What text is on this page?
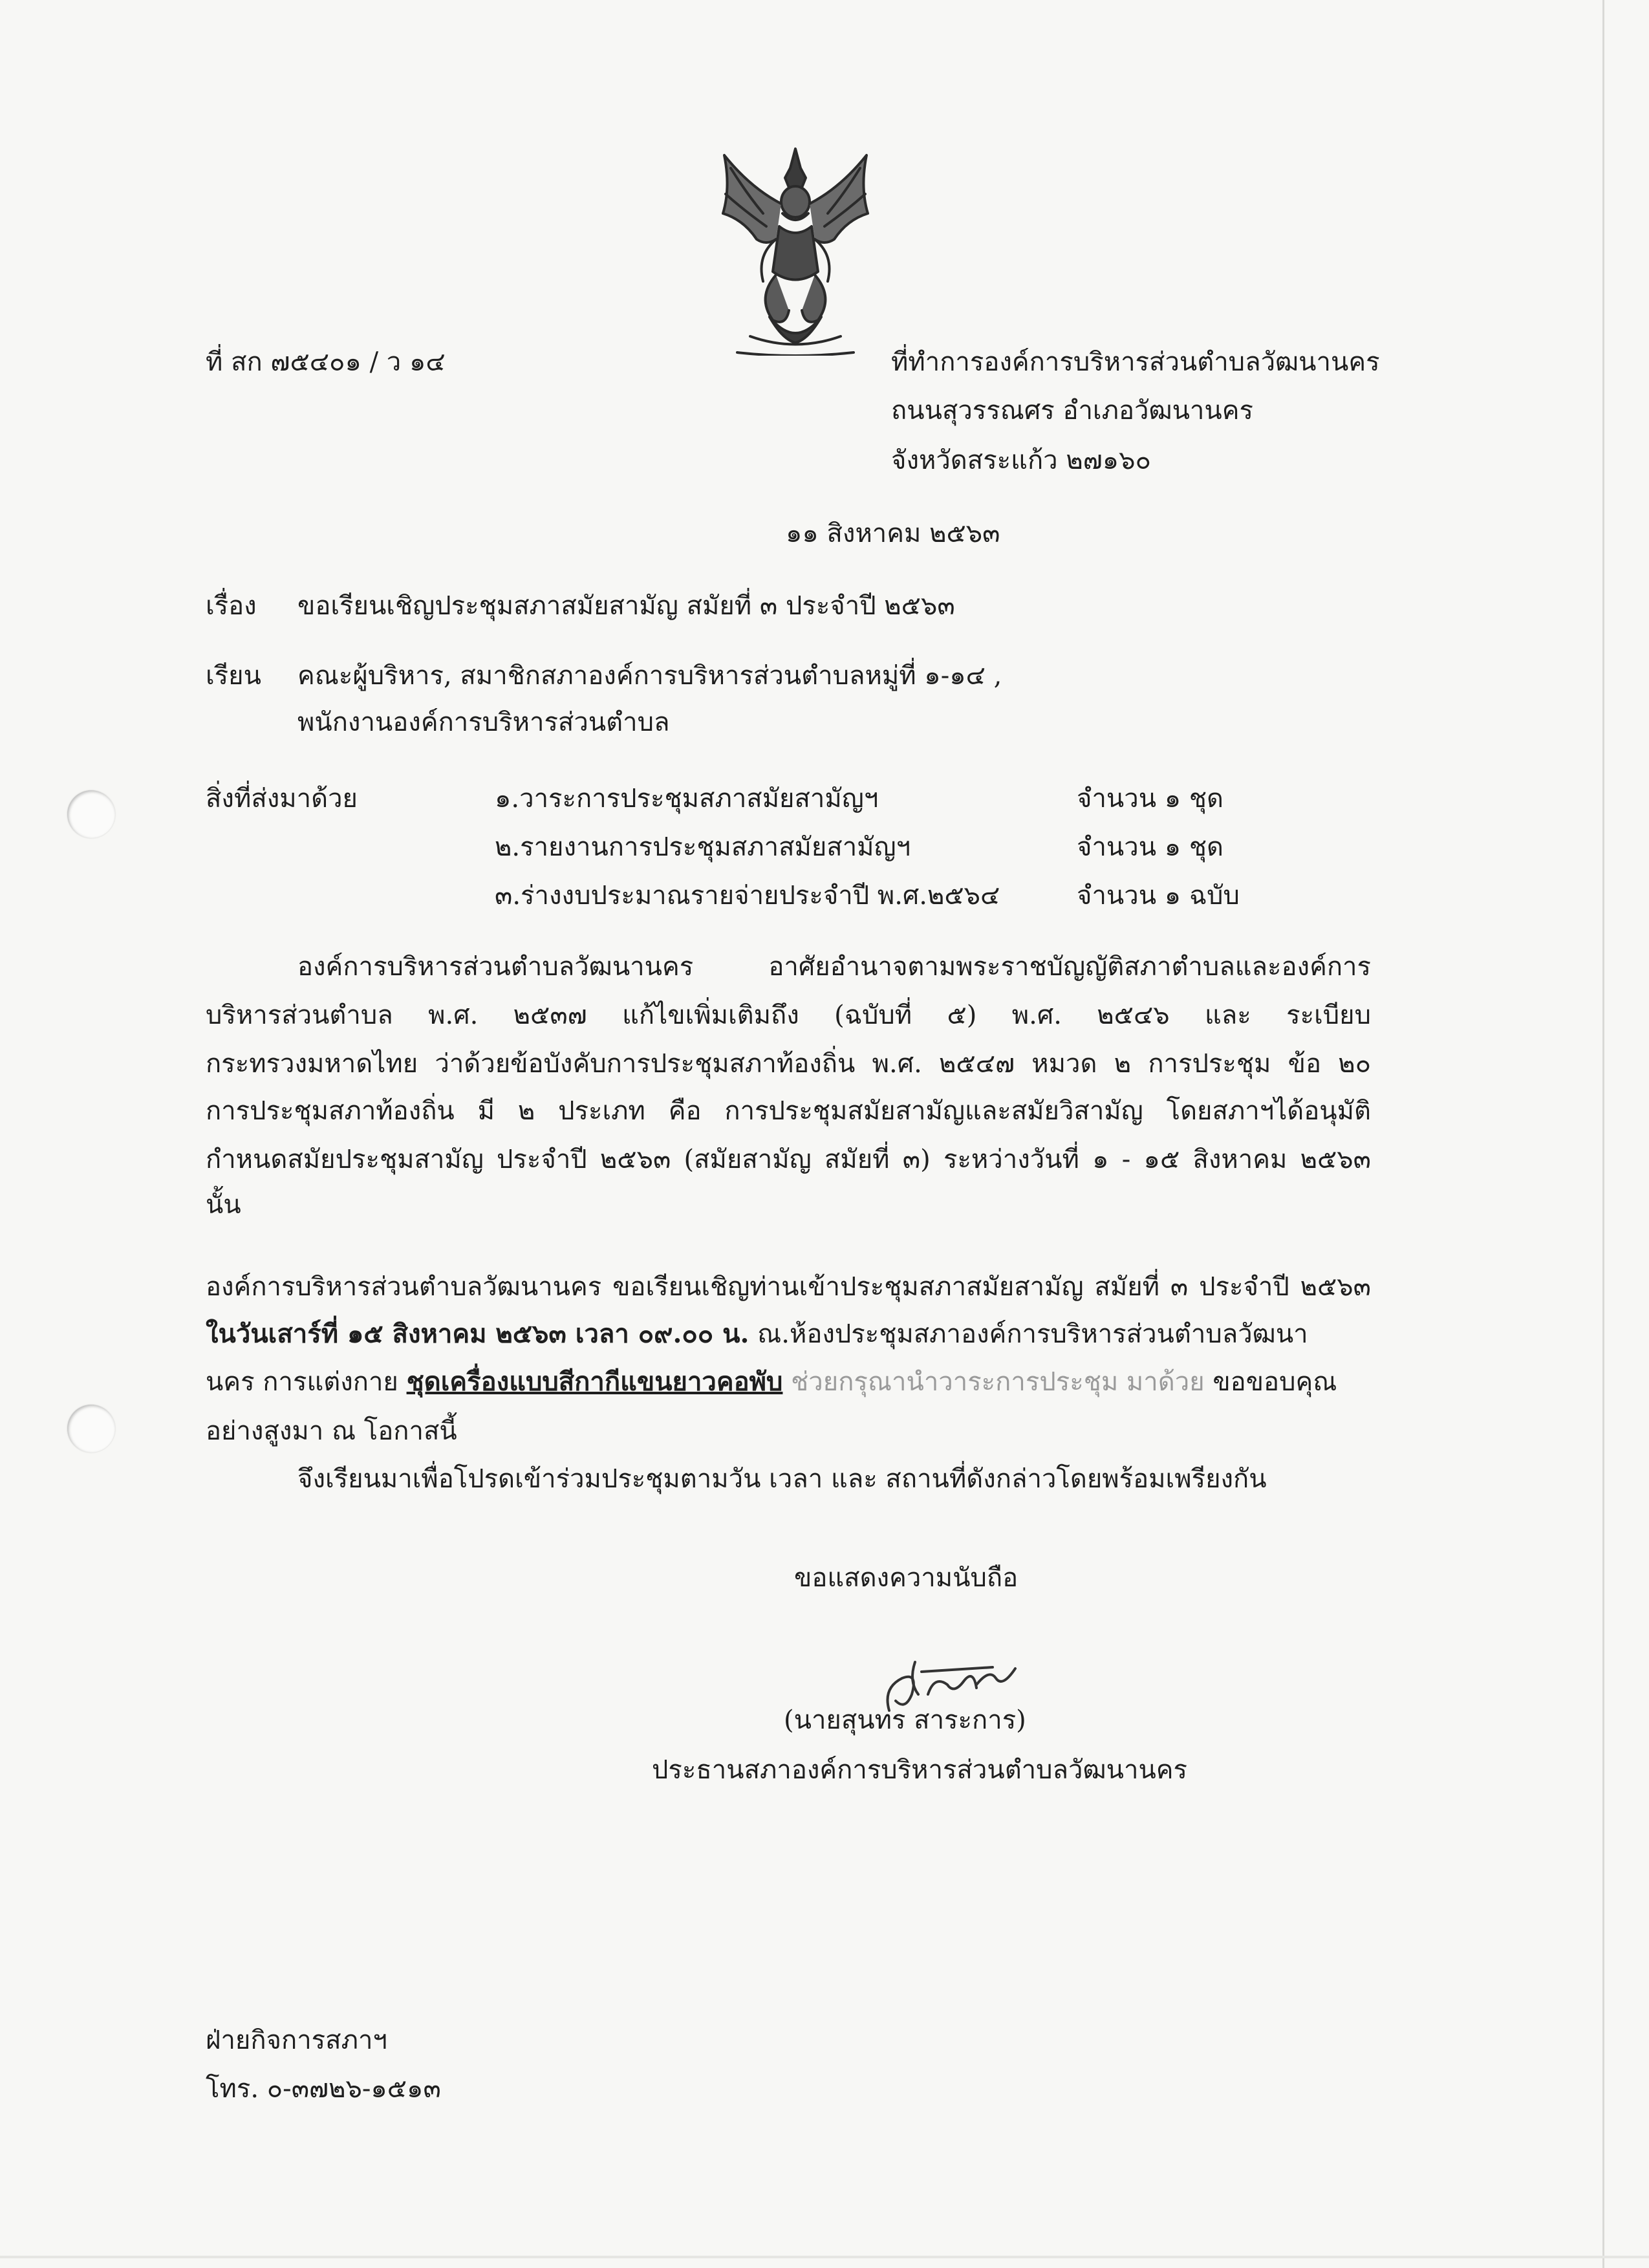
ที่ สก ๗๕๔๐๑ / ว ๑๔	ที่ทำการองค์การบริหารส่วนตำบลวัฒนานคร
ถนนสุวรรณศร อำเภอวัฒนานคร
จังหวัดสระแก้ว ๒๗๑๖๐
๑๑ สิงหาคม ๒๕๖๓
เรื่อง ขอเรียนเชิญประชุมสภาสมัยสามัญ สมัยที่ ๓ ประจำปี ๒๕๖๓
เรียน คณะผู้บริหาร, สมาชิกสภาองค์การบริหารส่วนตำบลหมู่ที่ ๑-๑๔ ,
พนักงานองค์การบริหารส่วนตำบล
สิ่งที่ส่งมาด้วย	๑.วาระการประชุมสภาสมัยสามัญฯ	จำนวน ๑ ชุด
๒.รายงานการประชุมสภาสมัยสามัญฯ	จำนวน ๑ ชุด
๓.ร่างงบประมาณรายจ่ายประจำปี พ.ศ.๒๕๖๔	จำนวน ๑ ฉบับ
องค์การบริหารส่วนตำบลวัฒนานคร อาศัยอำนาจตามพระราชบัญญัติสภาตำบลและองค์การ
บริหารส่วนตำบล พ.ศ. ๒๕๓๗ แก้ไขเพิ่มเติมถึง (ฉบับที่ ๕) พ.ศ. ๒๕๔๖ และ ระเบียบ
กระทรวงมหาดไทย ว่าด้วยข้อบังคับการประชุมสภาท้องถิ่น พ.ศ. ๒๕๔๗ หมวด ๒ การประชุม ข้อ ๒๐
การประชุมสภาท้องถิ่น มี ๒ ประเภท คือ การประชุมสมัยสามัญและสมัยวิสามัญ โดยสภาฯได้อนุมัติ
กำหนดสมัยประชุมสามัญ ประจำปี ๒๕๖๓ (สมัยสามัญ สมัยที่ ๓) ระหว่างวันที่ ๑ - ๑๕ สิงหาคม ๒๕๖๓
นั้น
องค์การบริหารส่วนตำบลวัฒนานคร ขอเรียนเชิญท่านเข้าประชุมสภาสมัยสามัญ สมัยที่ ๓ ประจำปี ๒๕๖๓
ในวันเสาร์ที่ ๑๕ สิงหาคม ๒๕๖๓ เวลา ๐๙.๐๐ น. ณ.ห้องประชุมสภาองค์การบริหารส่วนตำบลวัฒนา
นคร การแต่งกาย ชุดเครื่องแบบสีกากีแขนยาวคอพับ ช่วยกรุณานำวาระการประชุม มาด้วย ขอขอบคุณ
อย่างสูงมา ณ โอกาสนี้
จึงเรียนมาเพื่อโปรดเข้าร่วมประชุมตามวัน เวลา และ สถานที่ดังกล่าวโดยพร้อมเพรียงกัน
ขอแสดงความนับถือ
(นายสุนทร สาระการ)
ประธานสภาองค์การบริหารส่วนตำบลวัฒนานคร
ฝ่ายกิจการสภาฯ
โทร. ๐-๓๗๒๖-๑๕๑๓
